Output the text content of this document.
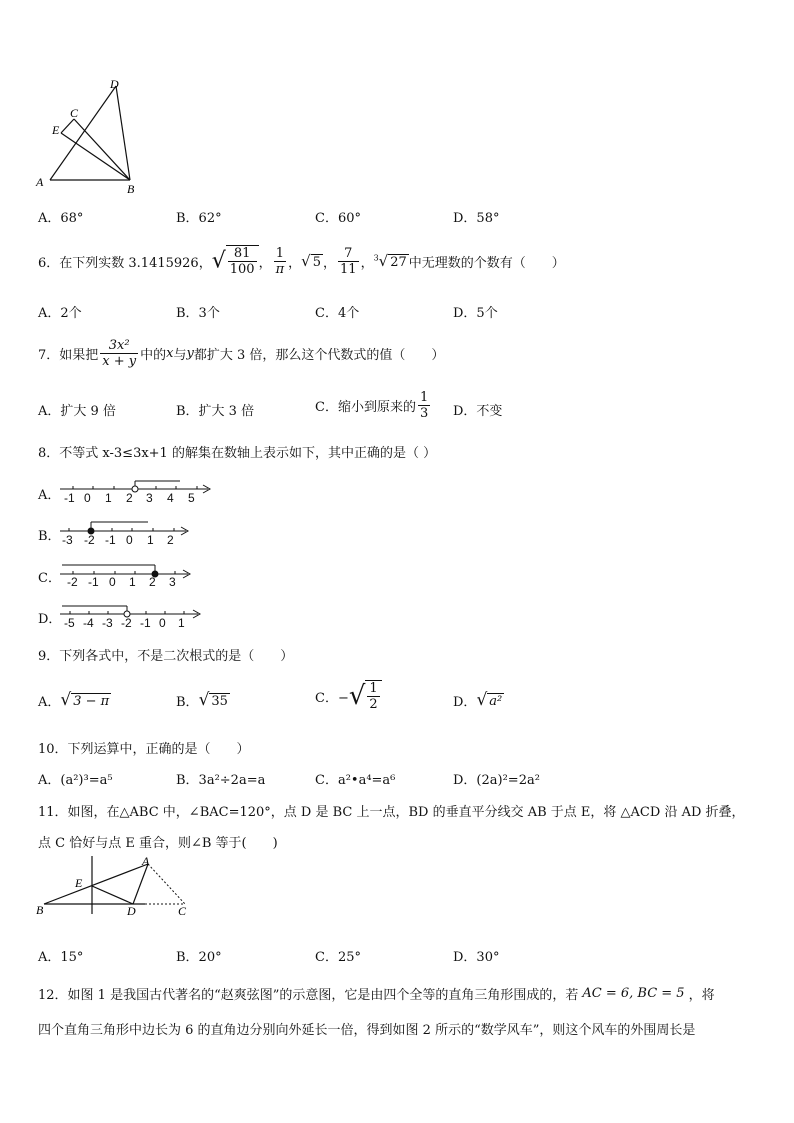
A	B
C
D
E
A．68°	B．62°	C．60°	D．58°
6．在下列实数 3.1415926， √ $\frac{81}{100}$ ， $\frac{1}{\pi}$ ， √ 5 ， $\frac{7}{11}$ ， $^3$√ 27 中无理数的个数有（　　）
A．2个	B．3个	C．4个	D．5个
7．如果把 $\frac{\text{3x²}}{x + y}$ 中的 x 与 y 都扩大 3 倍，那么这个代数式的值（　　）
A．扩大 9 倍	B．扩大 3 倍	C．缩小到原来的 $\frac{1}{3}$ D．不变
8．不等式 x-3≤3x+1 的解集在数轴上表示如下，其中正确的是（ ）
A．
B．
C．
D．
-1 0	1	2	3	4	5
-3 -2 -1 0	1	2
-2 -1 0	1	2	3
-5 -4 -3 -2 -1 0	1
9．下列各式中，不是二次根式的是（　　）
A． √ 3 − π	B． √ 35	C．− √ $\frac{1}{2}$	D． √ a²
10．下列运算中，正确的是（　　）
A．(a²)³=a⁵	B．3a²÷2a=a	C．a²•a⁴=a⁶	D．(2a)²=2a²
11．如图，在△ABC 中，∠BAC=120°，点 D 是 BC 上一点，BD 的垂直平分线交 AB 于点 E，将 △ACD 沿 AD 折叠，
点 C 恰好与点 E 重合，则∠B 等于(　　)
A
B	C
D
E
A．15°	B．20°	C．25°	D．30°
12．如图 1 是我国古代著名的“赵爽弦图”的示意图，它是由四个全等的直角三角形围成的，若 AC = 6, BC = 5 ，将
四个直角三角形中边长为 6 的直角边分别向外延长一倍，得到如图 2 所示的“数学风车”，则这个风车的外围周长是
